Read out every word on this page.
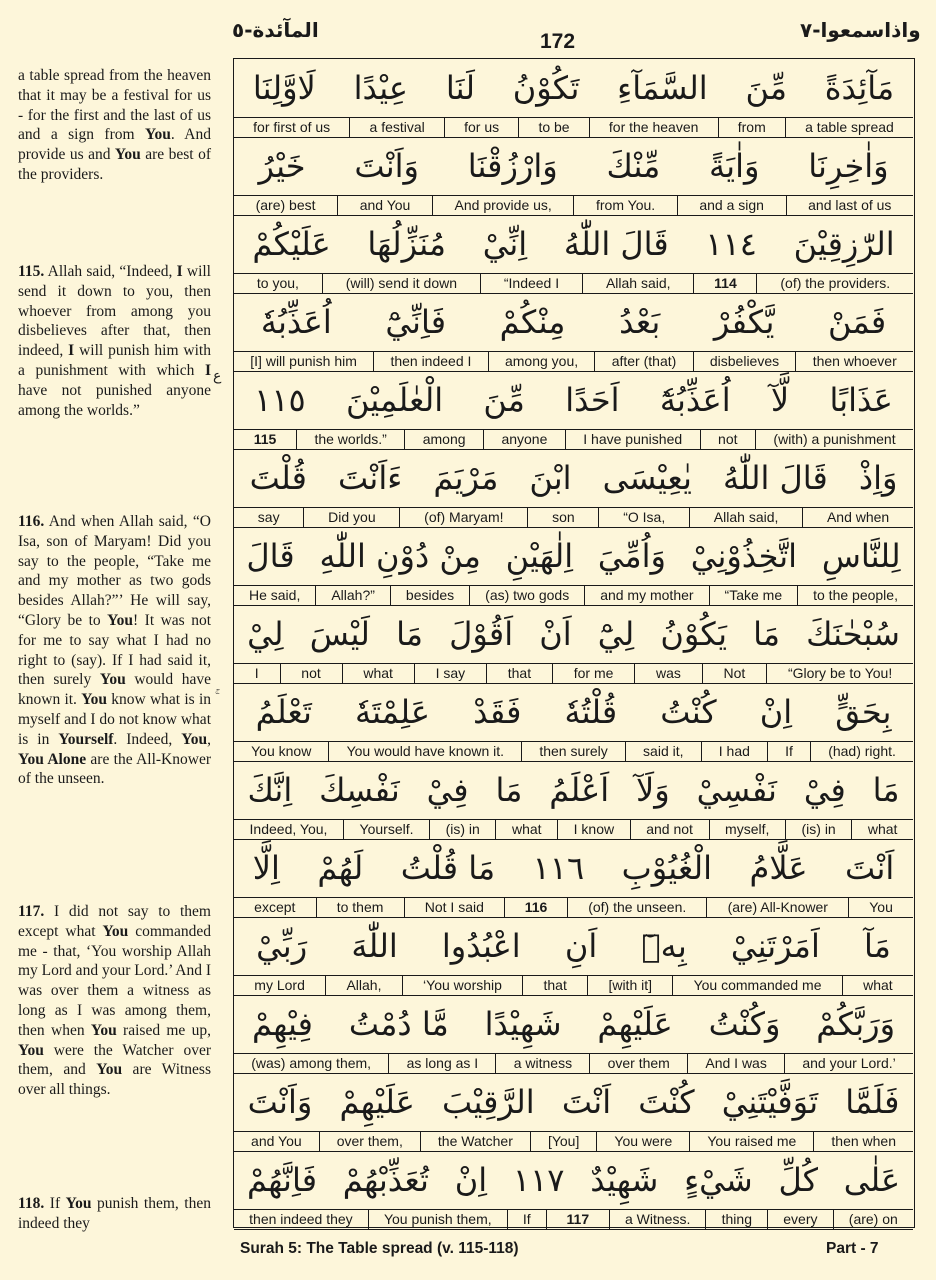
المآئدة-٥	172	واذاسمعوا-٧

a table spread from the heaven that it may be a festival for us - for the first and the last of us and a sign from You. And provide us and You are best of the providers.

115. Allah said, “Indeed, I will send it down to you, then whoever from among you disbelieves after that, then indeed, I will punish him with a punishment with which I have not punished anyone among the worlds.”

116. And when Allah said, “O Isa, son of Maryam! Did you say to the people, “Take me and my mother as two gods besides Allah?”’ He will say, “Glory be to You! It was not for me to say what I had no right to (say). If I had said it, then surely You would have known it. You know what is in myself and I do not know what is in Yourself. Indeed, You, You Alone are the All-Knower of the unseen.

117. I did not say to them except what You commanded me - that, ‘You worship Allah my Lord and your Lord.’ And I was over them a witness as long as I was among them, then when You raised me up, You were the Watcher over them, and You are Witness over all things.

118. If You punish them, then indeed they

لَاوَّلِنَا عِيْدًا لَنَا تَكُوْنُ السَّمَآءِ مِّنَ مَآئِدَةً
for first of us	a festival	for us	to be	for the heaven	from	a table spread
خَيْرُ وَاَنْتَ وَارْزُقْنَا مِّنْكَ وَاٰيَةً وَاٰخِرِنَا
(are) best	and You	And provide us,	from You.	and a sign	and last of us
عَلَيْكُمْ مُنَزِّلُهَا اِنِّيْ قَالَ اللّٰهُ ١١٤ الرّٰزِقِيْنَ
to you,	(will) send it down	“Indeed I	Allah said,	114	(of) the providers.
اُعَذِّبُهٗ فَاِنِّيْٓ مِنْكُمْ بَعْدُ يَّكْفُرْ فَمَنْ
[I] will punish him	then indeed I	among you,	after (that)	disbelieves	then whoever
١١٥ الْعٰلَمِيْنَ مِّنَ اَحَدًا اُعَذِّبُهٗٓ لَّآ عَذَابًا
115	the worlds.”	among	anyone	I have punished	not	(with) a punishment
قُلْتَ ءَاَنْتَ مَرْيَمَ ابْنَ يٰعِيْسَى قَالَ اللّٰهُ وَاِذْ
say	Did you	(of) Maryam!	son	“O Isa,	Allah said,	And when
قَالَ مِنْ دُوْنِ اللّٰهِ اِلٰهَيْنِ وَاُمِّيَ اتَّخِذُوْنِيْ لِلنَّاسِ
He said,	Allah?”	besides	(as) two gods	and my mother	“Take me	to the people,
لِيْ لَيْسَ مَا اَقُوْلَ اَنْ لِيْٓ يَكُوْنُ مَا سُبْحٰنَكَ
I	not	what	I say	that	for me	was	Not	“Glory be to You!
تَعْلَمُ عَلِمْتَهٗ فَقَدْ قُلْتُهٗ كُنْتُ اِنْ بِحَقٍّ
You know	You would have known it.	then surely	said it,	I had	If	(had) right.
اِنَّكَ نَفْسِكَ فِيْ مَا اَعْلَمُ وَلَآ نَفْسِيْ فِيْ مَا
Indeed, You,	Yourself.	(is) in	what	I know	and not	myself,	(is) in	what
اِلَّا لَهُمْ مَا قُلْتُ ١١٦ الْغُيُوْبِ عَلَّامُ اَنْتَ
except	to them	Not I said	116	(of) the unseen.	(are) All-Knower	You
رَبِّيْ اللّٰهَ اعْبُدُوا اَنِ بِهٖٓ اَمَرْتَنِيْ مَآ
my Lord	Allah,	‘You worship	that	[with it]	You commanded me	what
فِيْهِمْ مَّا دُمْتُ شَهِيْدًا عَلَيْهِمْ وَكُنْتُ وَرَبَّكُمْ
(was) among them,	as long as I	a witness	over them	And I was	and your Lord.’
وَاَنْتَ عَلَيْهِمْ الرَّقِيْبَ اَنْتَ كُنْتَ تَوَفَّيْتَنِيْ فَلَمَّا
and You	over them,	the Watcher	[You]	You were	You raised me	then when
فَاِنَّهُمْ تُعَذِّبْهُمْ اِنْ ١١٧ شَهِيْدٌ شَيْءٍ كُلِّ عَلٰى
then indeed they	You punish them,	If	117	a Witness.	thing	every	(are) on
ع
Surah 5: The Table spread (v. 115-118)	Part - 7
